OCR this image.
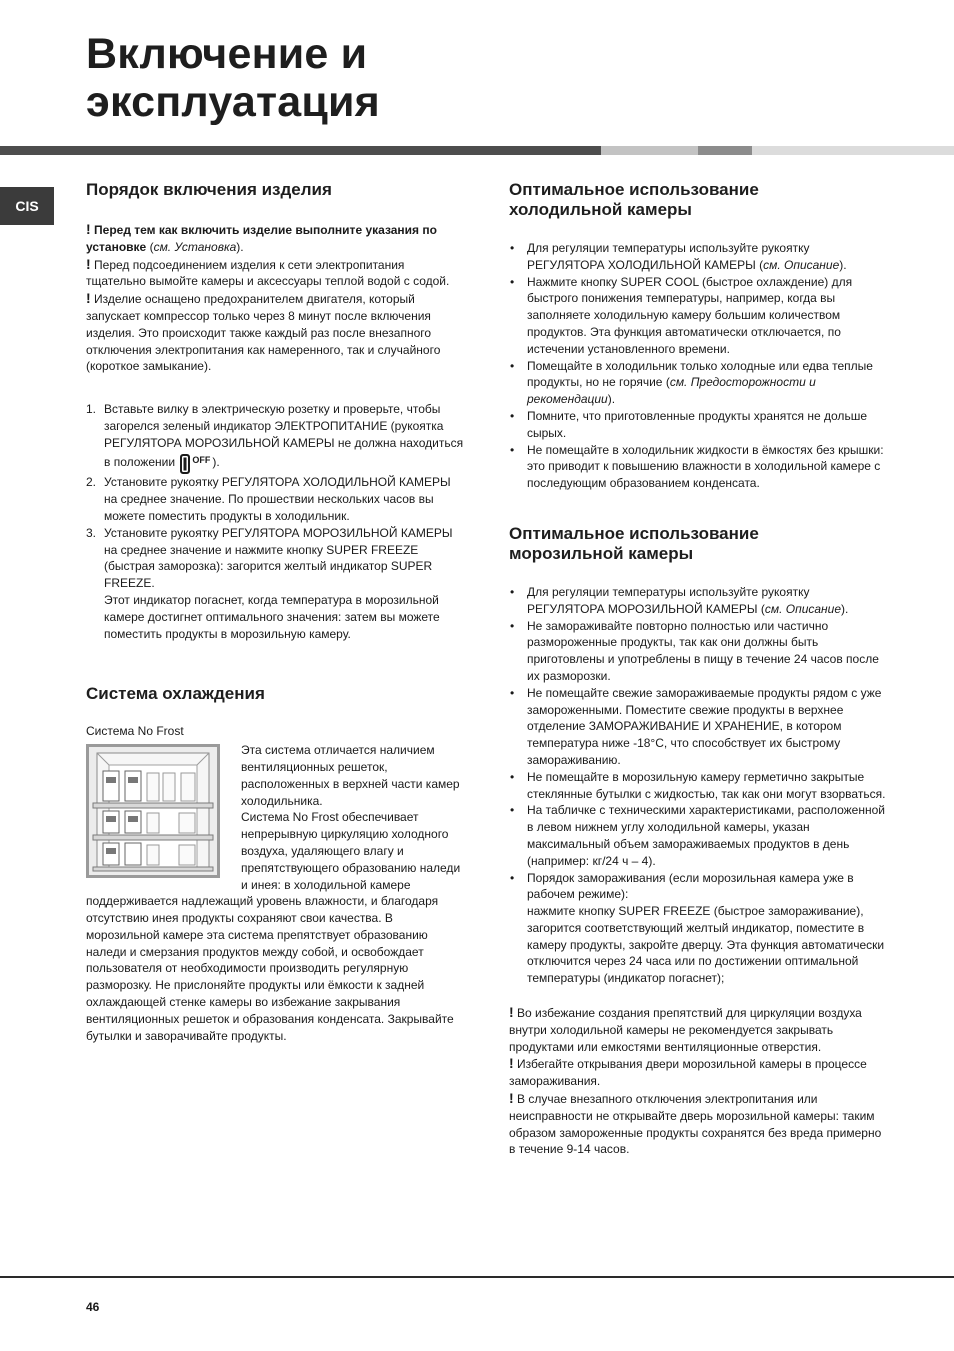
Включение и
эксплуатация
CIS
Порядок включения изделия

! Перед тем как включить изделие выполните указания по установке (см. Установка).

! Перед подсоединением изделия к сети электропитания тщательно вымойте камеры и аксессуары теплой водой с содой.

! Изделие оснащено предохранителем двигателя, который запускает компрессор только через 8 минут после включения изделия. Это происходит также каждый раз после внезапного отключения электропитания как намеренного, так и случайного (короткое замыкание).

1. Вставьте вилку в электрическую розетку и проверьте, чтобы загорелся зеленый индикатор ЭЛЕКТРОПИТАНИЕ (рукоятка РЕГУЛЯТОРА МОРОЗИЛЬНОЙ КАМЕРЫ не должна находиться в положении $^{OFF}$ ).
2. Установите рукоятку РЕГУЛЯТОРА ХОЛОДИЛЬНОЙ КАМЕРЫ на среднее значение. По прошествии нескольких часов вы можете поместить продукты в холодильник.
3. Установите рукоятку РЕГУЛЯТОРА МОРОЗИЛЬНОЙ КАМЕРЫ на среднее значение и нажмите кнопку SUPER FREEZE (быстрая заморозка): загорится желтый индикатор SUPER FREEZE.
Этот индикатор погаснет, когда температура в морозильной камере достигнет оптимального значения: затем вы можете поместить продукты в морозильную камеру.
Система охлаждения

Система No Frost

Эта система отличается наличием вентиляционных решеток, расположенных в верхней части камер холодильника.

Система No Frost обеспечивает непрерывную циркуляцию холодного воздуха, удаляющего влагу и препятствующего образованию наледи и инея: в холодильной камере поддерживается надлежащий уровень влажности, и благодаря отсутствию инея продукты сохраняют свои качества. В морозильной камере эта система препятствует образованию наледи и смерзания продуктов между собой, и освобождает пользователя от необходимости производить регулярную разморозку. Не прислоняйте продукты или ёмкости к задней охлаждающей стенке камеры во избежание закрывания вентиляционных решеток и образования конденсата. Закрывайте бутылки и заворачивайте продукты.

Оптимальное использование
холодильной камеры
• Для регуляции температуры используйте рукоятку РЕГУЛЯТОРА ХОЛОДИЛЬНОЙ КАМЕРЫ (см. Описание).
• Нажмите кнопку SUPER COOL (быстрое охлаждение) для быстрого понижения температуры, например, когда вы заполняете холодильную камеру большим количеством продуктов. Эта функция автоматически отключается, по истечении установленного времени.
• Помещайте в холодильник только холодные или едва теплые продукты, но не горячие (см. Предосторожности и рекомендации).
• Помните, что приготовленные продукты хранятся не дольше сырых.
• Не помещайте в холодильник жидкости в ёмкостях без крышки: это приводит к повышению влажности в холодильной камере с последующим образованием конденсата.
Оптимальное использование
морозильной камеры
• Для регуляции температуры используйте рукоятку РЕГУЛЯТОРА МОРОЗИЛЬНОЙ КАМЕРЫ (см. Описание).
• Не замораживайте повторно полностью или частично размороженные продукты, так как они должны быть приготовлены и употреблены в пищу в течение 24 часов после их разморозки.
• Не помещайте свежие замораживаемые продукты рядом с уже замороженными. Поместите свежие продукты в верхнее отделение ЗАМОРАЖИВАНИЕ И ХРАНЕНИЕ, в котором температура ниже -18°С, что способствует их быстрому замораживанию.
• Не помещайте в морозильную камеру герметично закрытые стеклянные бутылки с жидкостью, так как они могут взорваться.
• На табличке с техническими характеристиками, расположенной в левом нижнем углу холодильной камеры, указан максимальный объем замораживаемых продуктов в день (например: кг/24 ч – 4).
• Порядок замораживания (если морозильная камера уже в рабочем режиме):
нажмите кнопку SUPER FREEZE (быстрое замораживание), загорится соответствующий желтый индикатор, поместите в камеру продукты, закройте дверцу. Эта функция автоматически отключится через 24 часа или по достижении оптимальной температуры (индикатор погаснет);

! Во избежание создания препятствий для циркуляции воздуха внутри холодильной камеры не рекомендуется закрывать продуктами или емкостями вентиляционные отверстия.

! Избегайте открывания двери морозильной камеры в процессе замораживания.

! В случае внезапного отключения электропитания или неисправности не открывайте дверь морозильной камеры: таким образом замороженные продукты сохранятся без вреда примерно в течение 9-14 часов.

46
